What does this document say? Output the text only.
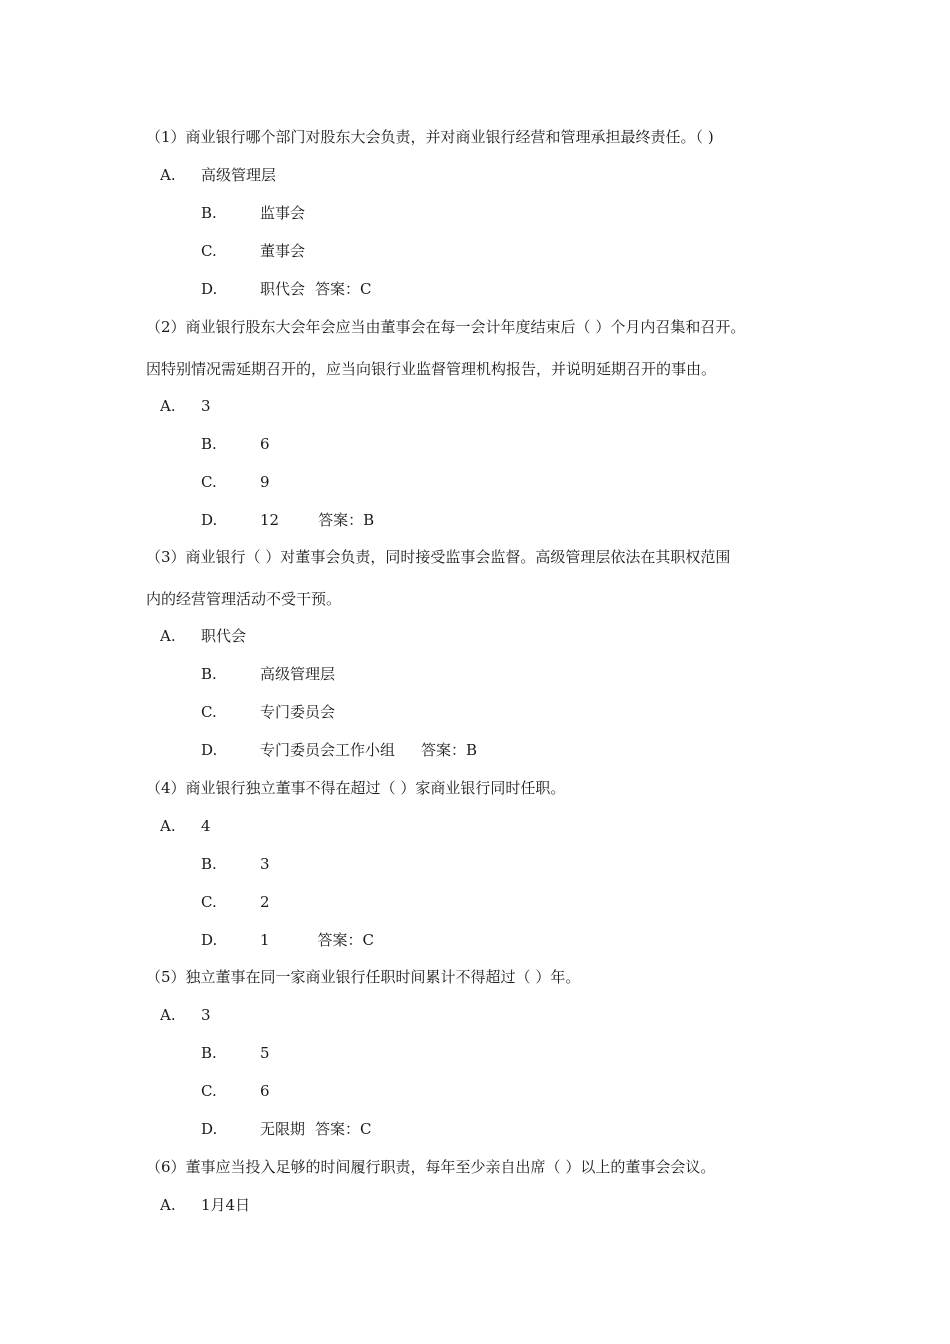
（1）商业银行哪个部门对股东大会负责，并对商业银行经营和管理承担最终责任。（ )
A. 高级管理层
B.	监事会
C.	董事会
D.	职代会 答案：C
（2）商业银行股东大会年会应当由董事会在每一会计年度结束后（ ）个月内召集和召开。
因特别情况需延期召开的，应当向银行业监督管理机构报告，并说明延期召开的事由。
A. 3
B.	6
C.	9
D.	12	答案：B
（3）商业银行（ ）对董事会负责，同时接受监事会监督。高级管理层依法在其职权范围
内的经营管理活动不受干预。
A. 职代会
B.	高级管理层
C.	专门委员会
D.	专门委员会工作小组 答案：B
（4）商业银行独立董事不得在超过（ ）家商业银行同时任职。
A. 4
B.	3
C.	2
D.	1	答案：C
（5）独立董事在同一家商业银行任职时间累计不得超过（ ）年。
A. 3
B.	5
C.	6
D.	无限期 答案：C
（6）董事应当投入足够的时间履行职责，每年至少亲自出席（ ）以上的董事会会议。
A. 1月4日
